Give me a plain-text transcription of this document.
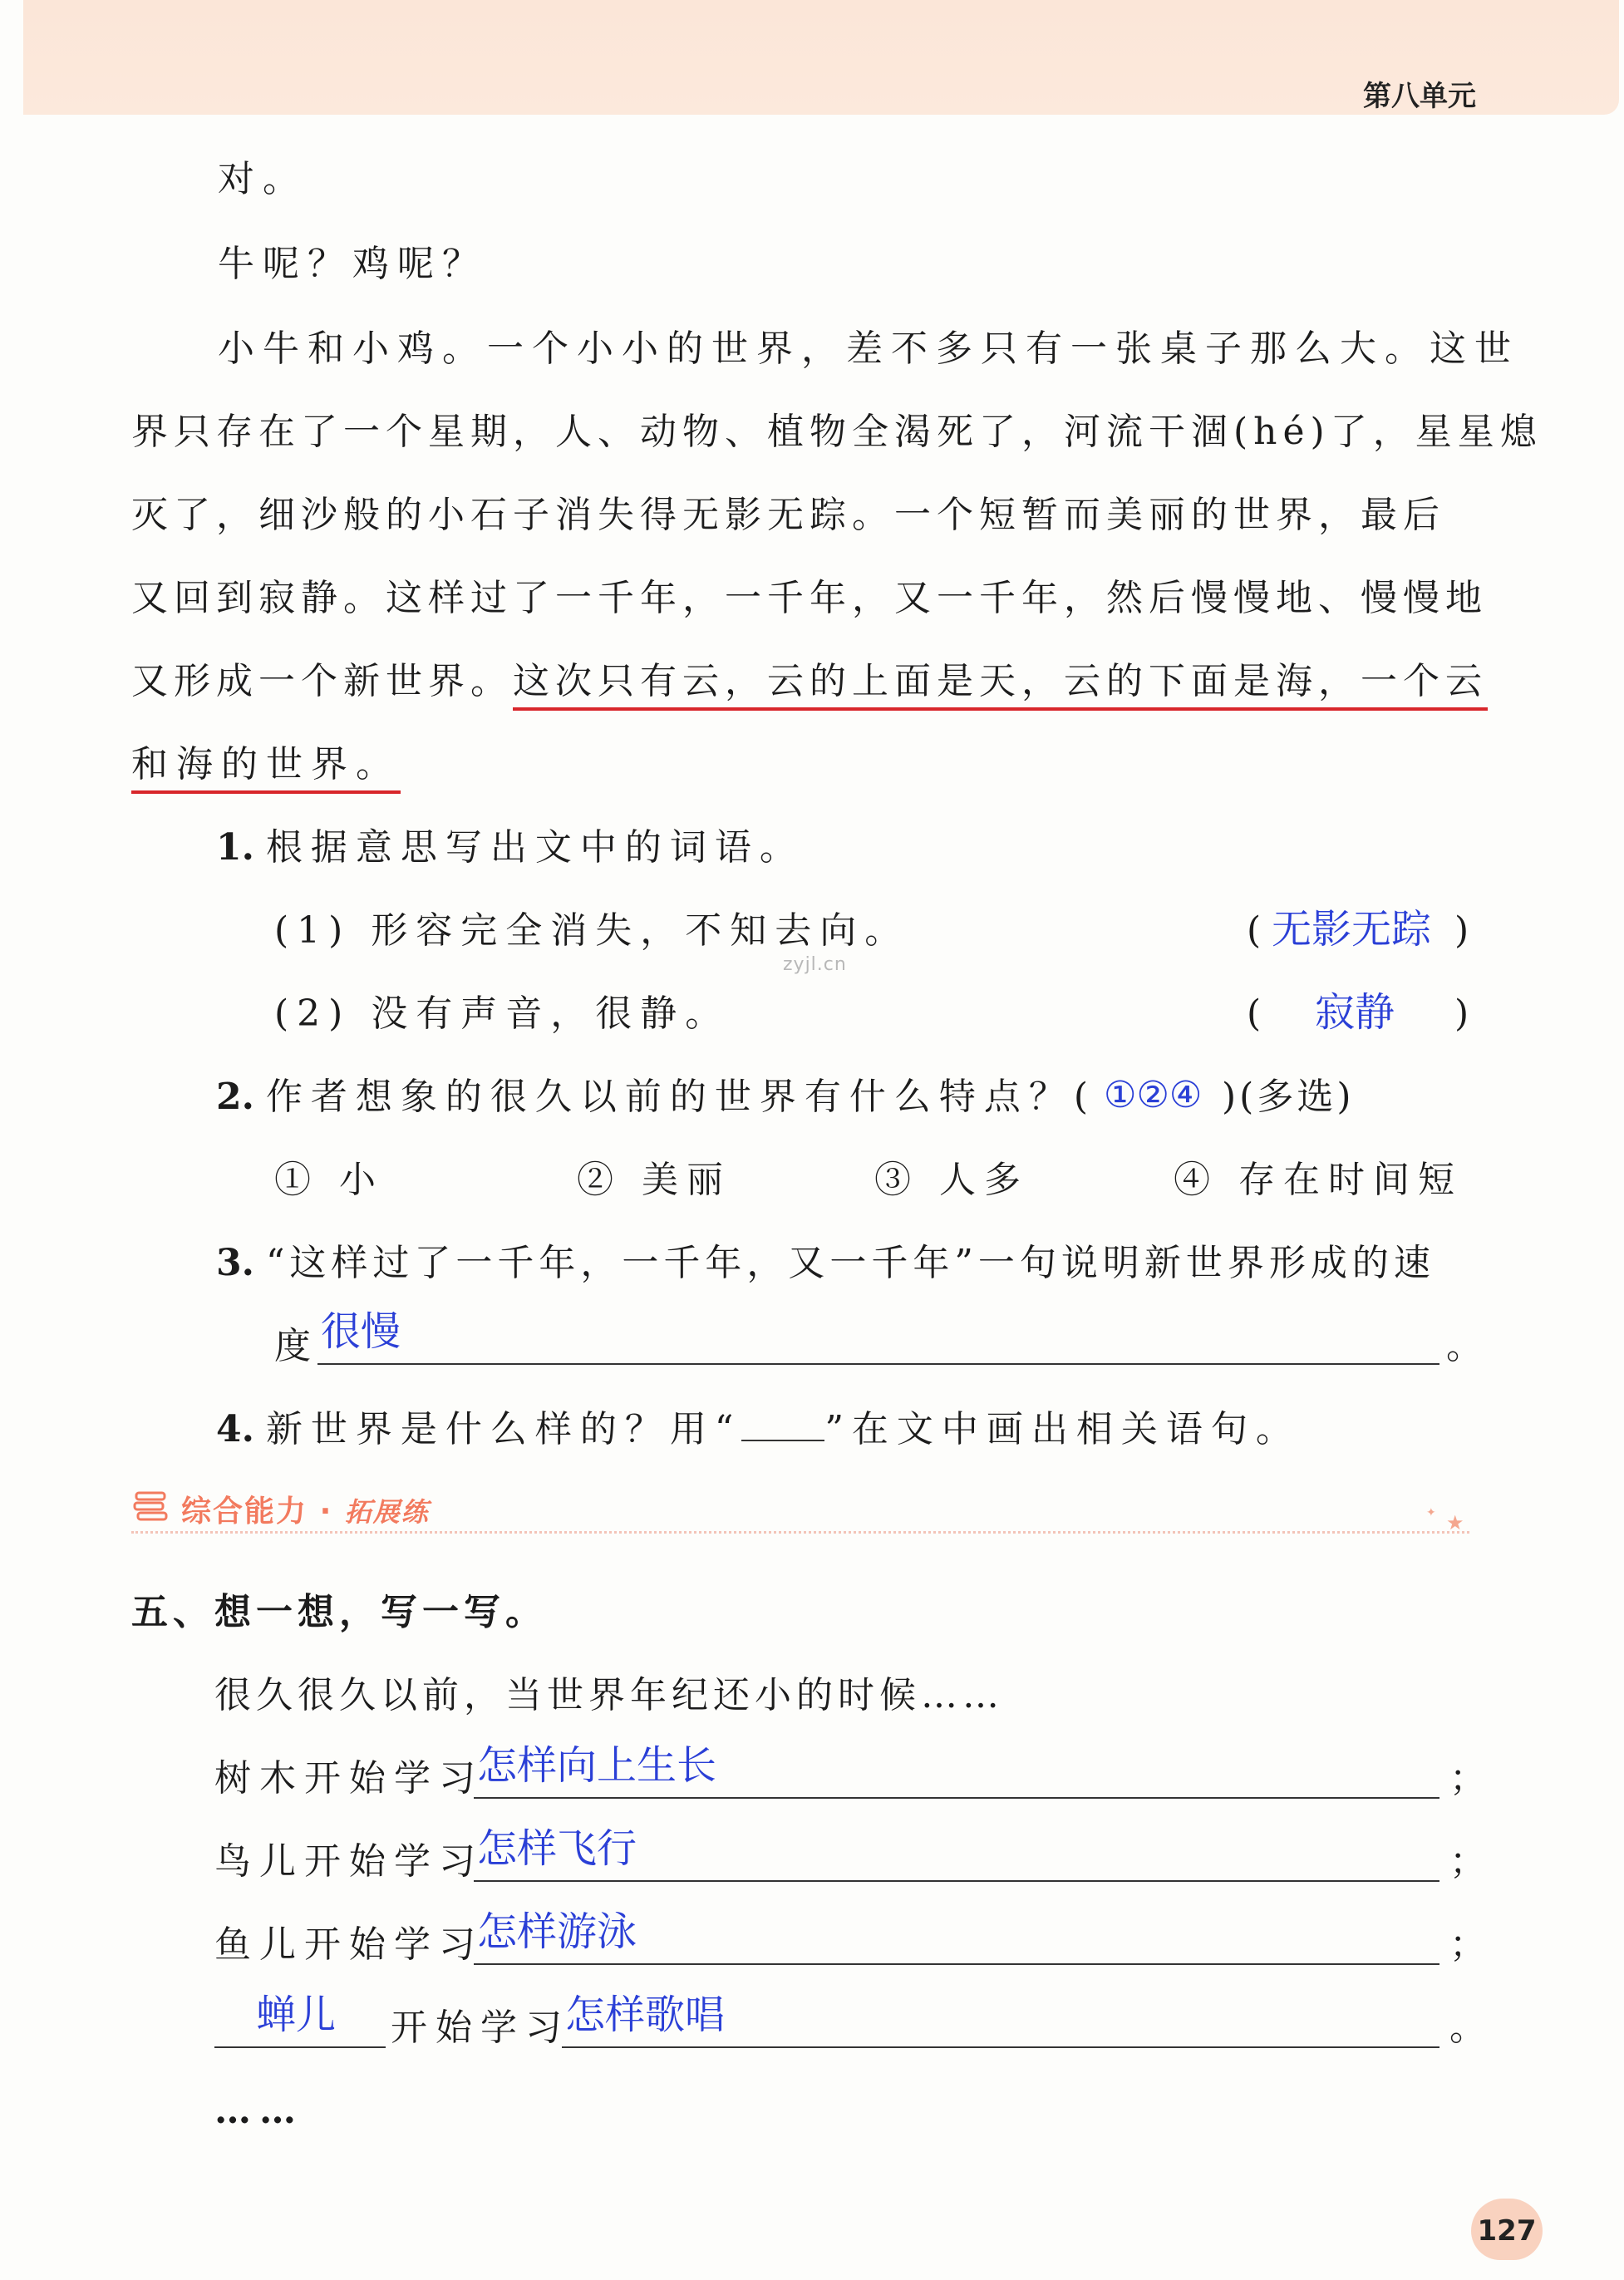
第八单元
对。
牛呢？鸡呢？
小牛和小鸡。一个小小的世界，差不多只有一张桌子那么大。这世
界只存在了一个星期，人、动物、植物全渴死了，河流干涸(hé)了，星星熄
灭了，细沙般的小石子消失得无影无踪。一个短暂而美丽的世界，最后
又回到寂静。这样过了一千年，一千年，又一千年，然后慢慢地、慢慢地
又形成一个新世界。这次只有云，云的上面是天，云的下面是海，一个云
和海的世界。
1. 根据意思写出文中的词语。
(1) 形容完全消失，不知去向。	( 无影无踪 )
zyjl.cn
(2) 没有声音，很静。	( 寂静 )
2. 作者想象的很久以前的世界有什么特点？( ①②④ )(多选)
① 小	② 美丽	③ 人多	④ 存在时间短
3. “这样过了一千年，一千年，又一千年”一句说明新世界形成的速
度 很慢	。
4. 新世界是什么样的？用“ ”在文中画出相关语句。
综合能力 · 拓展练	★
✦
五、想一想，写一写。
很久很久以前，当世界年纪还小的时候……
树木开始学习
怎样向上生长	；
鸟儿开始学习
怎样飞行	；
鱼儿开始学习
怎样游泳	；
蝉儿 开始学习
怎样歌唱	。
……
127
